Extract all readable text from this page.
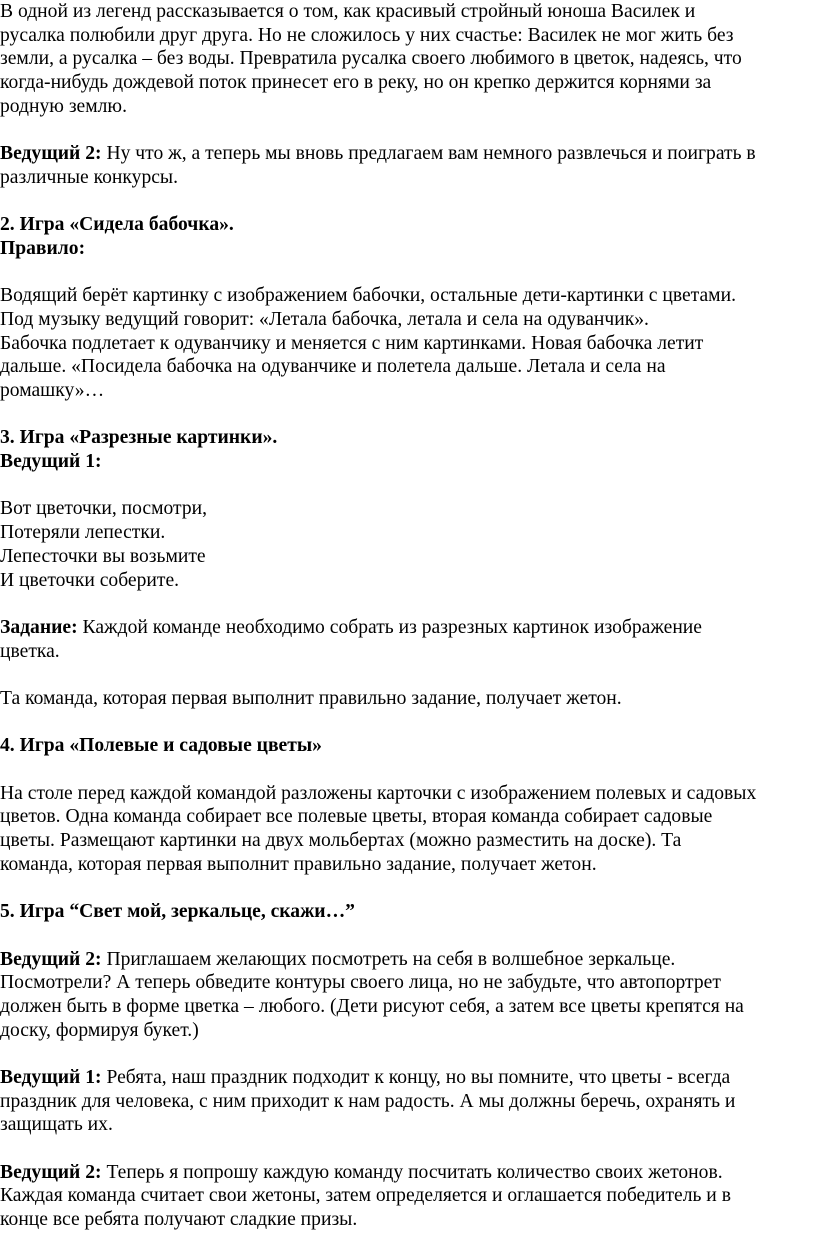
В одной из легенд рассказывается о том, как красивый стройный юноша Василек и
русалка полюбили друг друга. Но не сложилось у них счастье: Василек не мог жить без
земли, а русалка – без воды. Превратила русалка своего любимого в цветок, надеясь, что
когда-нибудь дождевой поток принесет его в реку, но он крепко держится корнями за
родную землю.
Ведущий 2: Ну что ж, а теперь мы вновь предлагаем вам немного развлечься и поиграть в
различные конкурсы.
2. Игра «Сидела бабочка».
Правило:
Водящий берёт картинку с изображением бабочки, остальные дети-картинки с цветами.
Под музыку ведущий говорит: «Летала бабочка, летала и села на одуванчик».
Бабочка подлетает к одуванчику и меняется с ним картинками. Новая бабочка летит
дальше. «Посидела бабочка на одуванчике и полетела дальше. Летала и села на
ромашку»…
3. Игра «Разрезные картинки».
Ведущий 1:
Вот цветочки, посмотри,
Потеряли лепестки.
Лепесточки вы возьмите
И цветочки соберите.
Задание: Каждой команде необходимо собрать из разрезных картинок изображение
цветка.
Та команда, которая первая выполнит правильно задание, получает жетон.
4. Игра «Полевые и садовые цветы»
На столе перед каждой командой разложены карточки с изображением полевых и садовых
цветов. Одна команда собирает все полевые цветы, вторая команда собирает садовые
цветы. Размещают картинки на двух мольбертах (можно разместить на доске). Та
команда, которая первая выполнит правильно задание, получает жетон.
5. Игра “Свет мой, зеркальце, скажи…”
Ведущий 2: Приглашаем желающих посмотреть на себя в волшебное зеркальце.
Посмотрели? А теперь обведите контуры своего лица, но не забудьте, что автопортрет
должен быть в форме цветка – любого. (Дети рисуют себя, а затем все цветы крепятся на
доску, формируя букет.)
Ведущий 1: Ребята, наш праздник подходит к концу, но вы помните, что цветы - всегда
праздник для человека, с ним приходит к нам радость. А мы должны беречь, охранять и
защищать их.
Ведущий 2: Теперь я попрошу каждую команду посчитать количество своих жетонов.
Каждая команда считает свои жетоны, затем определяется и оглашается победитель и в
конце все ребята получают сладкие призы.
